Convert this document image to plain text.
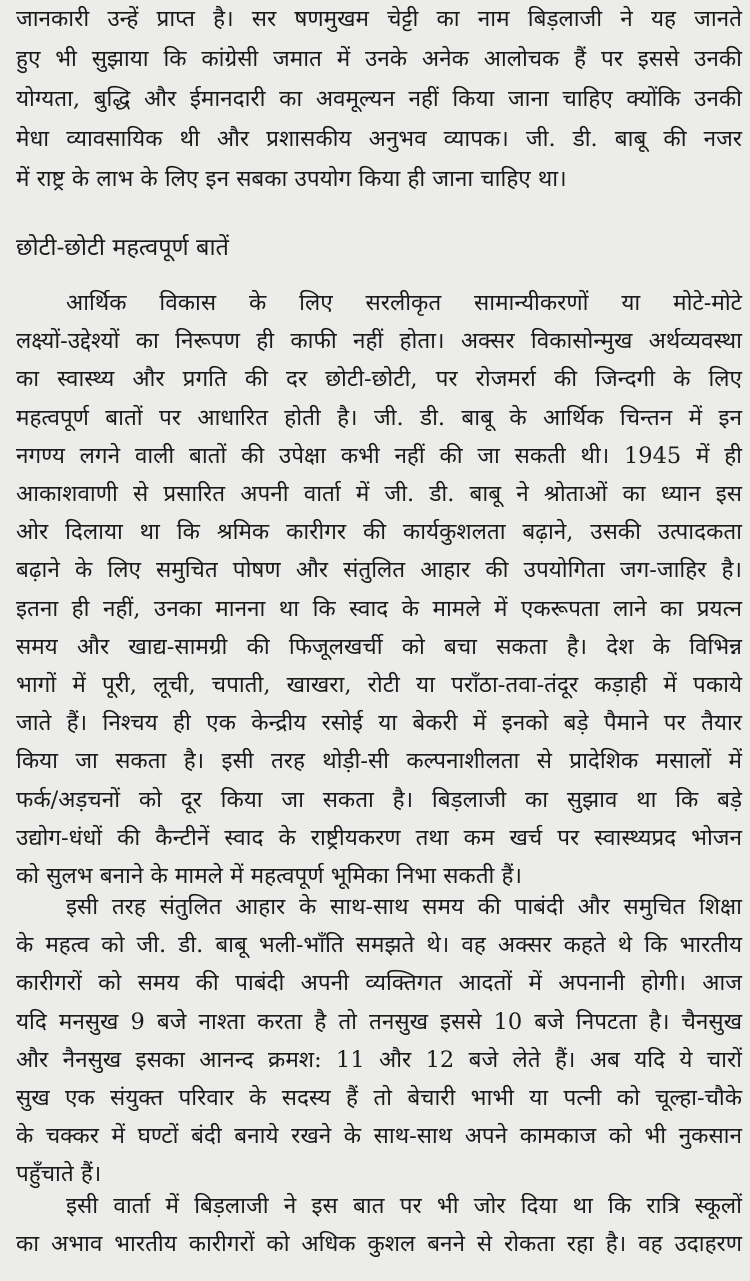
छोटी-छोटी महत्वपूर्ण बातें
जानकारी उन्हें प्राप्त है। सर षणमुखम चेट्टी का नाम बिड़लाजी ने यह जानते
हुए भी सुझाया कि कांग्रेसी जमात में उनके अनेक आलोचक हैं पर इससे उनकी
योग्यता, बुद्धि और ईमानदारी का अवमूल्यन नहीं किया जाना चाहिए क्योंकि उनकी
मेधा व्यावसायिक थी और प्रशासकीय अनुभव व्यापक। जी. डी. बाबू की नजर
में राष्ट्र के लाभ के लिए इन सबका उपयोग किया ही जाना चाहिए था।
आर्थिक विकास के लिए सरलीकृत सामान्यीकरणों या मोटे-मोटे
लक्ष्यों-उद्देश्यों का निरूपण ही काफी नहीं होता। अक्सर विकासोन्मुख अर्थव्यवस्था
का स्वास्थ्य और प्रगति की दर छोटी-छोटी, पर रोजमर्रा की जिन्दगी के लिए
महत्वपूर्ण बातों पर आधारित होती है। जी. डी. बाबू के आर्थिक चिन्तन में इन
नगण्य लगने वाली बातों की उपेक्षा कभी नहीं की जा सकती थी। 1945 में ही
आकाशवाणी से प्रसारित अपनी वार्ता में जी. डी. बाबू ने श्रोताओं का ध्यान इस
ओर दिलाया था कि श्रमिक कारीगर की कार्यकुशलता बढ़ाने, उसकी उत्पादकता
बढ़ाने के लिए समुचित पोषण और संतुलित आहार की उपयोगिता जग-जाहिर है।
इतना ही नहीं, उनका मानना था कि स्वाद के मामले में एकरूपता लाने का प्रयत्न
समय और खाद्य-सामग्री की फिजूलखर्ची को बचा सकता है। देश के विभिन्न
भागों में पूरी, लूची, चपाती, खाखरा, रोटी या पराँठा-तवा-तंदूर कड़ाही में पकाये
जाते हैं। निश्चय ही एक केन्द्रीय रसोई या बेकरी में इनको बड़े पैमाने पर तैयार
किया जा सकता है। इसी तरह थोड़ी-सी कल्पनाशीलता से प्रादेशिक मसालों में
फर्क/अड़चनों को दूर किया जा सकता है। बिड़लाजी का सुझाव था कि बड़े
उद्योग-धंधों की कैन्टीनें स्वाद के राष्ट्रीयकरण तथा कम खर्च पर स्वास्थ्यप्रद भोजन
को सुलभ बनाने के मामले में महत्वपूर्ण भूमिका निभा सकती हैं।
इसी तरह संतुलित आहार के साथ-साथ समय की पाबंदी और समुचित शिक्षा
के महत्व को जी. डी. बाबू भली-भाँति समझते थे। वह अक्सर कहते थे कि भारतीय
कारीगरों को समय की पाबंदी अपनी व्यक्तिगत आदतों में अपनानी होगी। आज
यदि मनसुख 9 बजे नाश्ता करता है तो तनसुख इससे 10 बजे निपटता है। चैनसुख
और नैनसुख इसका आनन्द क्रमश: 11 और 12 बजे लेते हैं। अब यदि ये चारों
सुख एक संयुक्त परिवार के सदस्य हैं तो बेचारी भाभी या पत्नी को चूल्हा-चौके
के चक्कर में घण्टों बंदी बनाये रखने के साथ-साथ अपने कामकाज को भी नुकसान
पहुँचाते हैं।
इसी वार्ता में बिड़लाजी ने इस बात पर भी जोर दिया था कि रात्रि स्कूलों
का अभाव भारतीय कारीगरों को अधिक कुशल बनने से रोकता रहा है। वह उदाहरण
